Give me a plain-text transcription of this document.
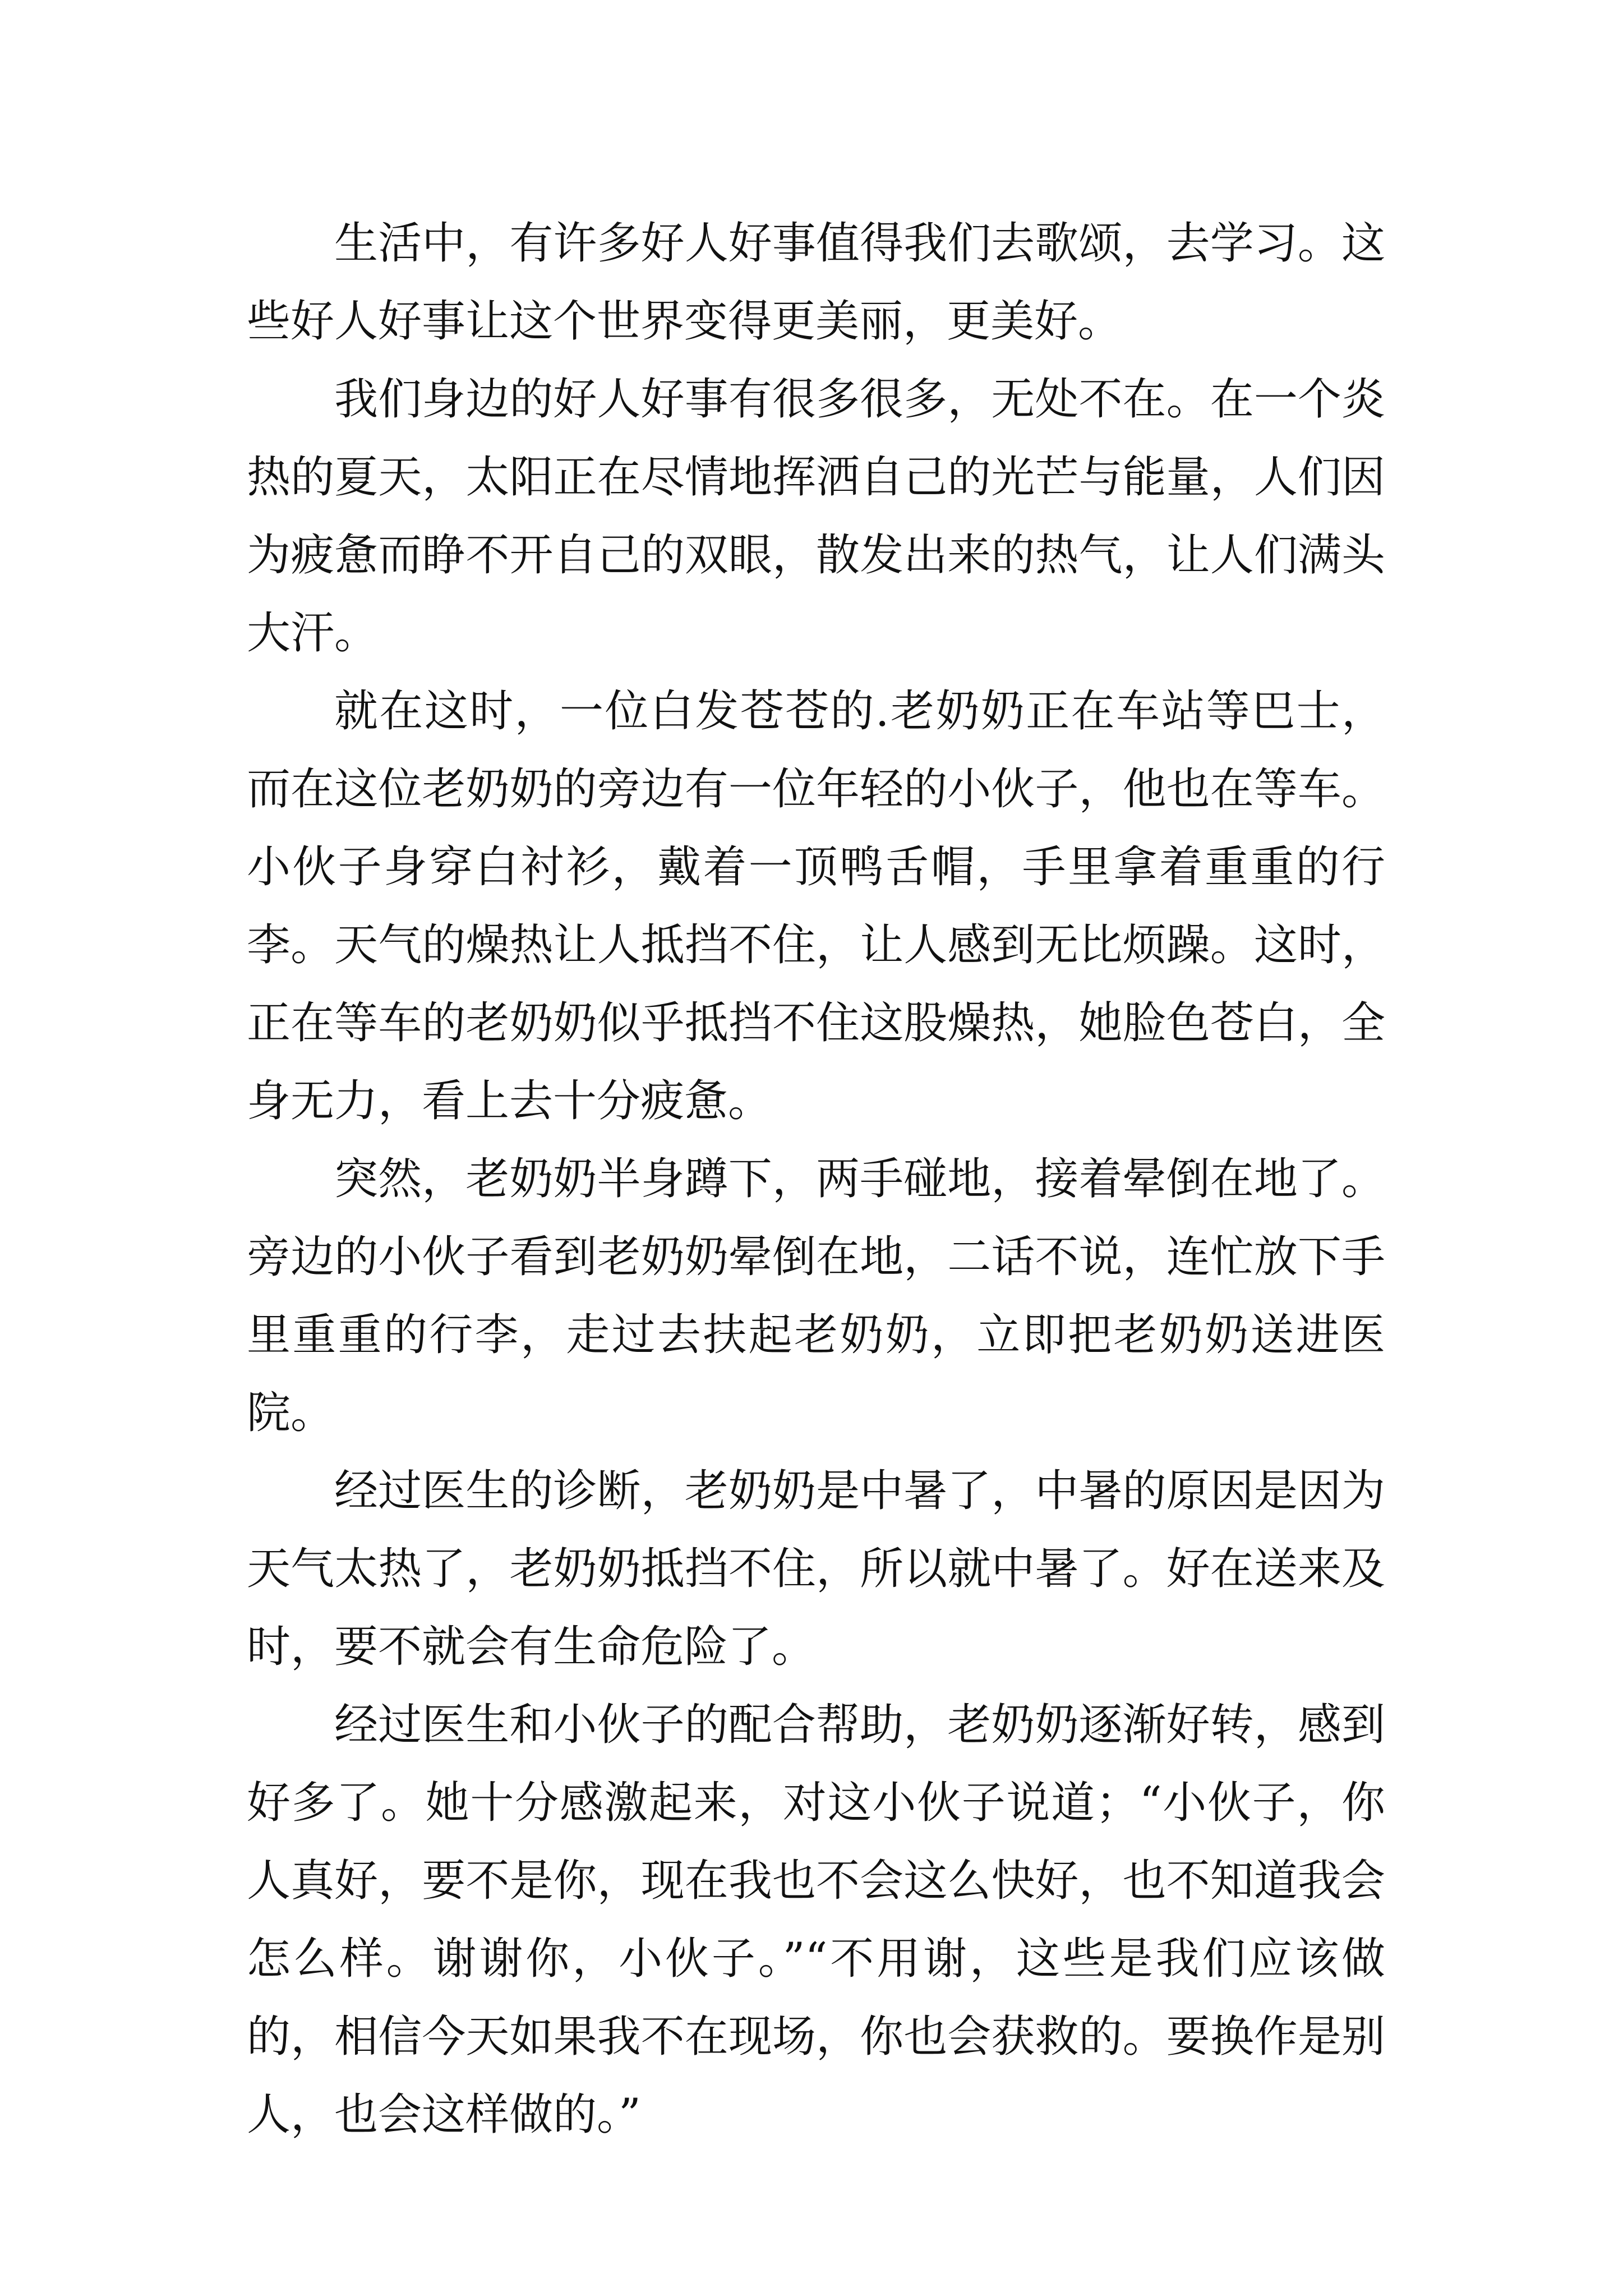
生活中，有许多好人好事值得我们去歌颂，去学习。这些好人好事让这个世界变得更美丽，更美好。

我们身边的好人好事有很多很多，无处不在。在一个炎热的夏天，太阳正在尽情地挥洒自己的光芒与能量，人们因为疲惫而睁不开自己的双眼，散发出来的热气，让人们满头大汗。

就在这时，一位白发苍苍的.老奶奶正在车站等巴士，而在这位老奶奶的旁边有一位年轻的小伙子，他也在等车。小伙子身穿白衬衫，戴着一顶鸭舌帽，手里拿着重重的行李。天气的燥热让人抵挡不住，让人感到无比烦躁。这时，正在等车的老奶奶似乎抵挡不住这股燥热，她脸色苍白，全身无力，看上去十分疲惫。

突然，老奶奶半身蹲下，两手碰地，接着晕倒在地了。旁边的小伙子看到老奶奶晕倒在地，二话不说，连忙放下手里重重的行李，走过去扶起老奶奶，立即把老奶奶送进医院。

经过医生的诊断，老奶奶是中暑了，中暑的原因是因为天气太热了，老奶奶抵挡不住，所以就中暑了。好在送来及时，要不就会有生命危险了。

经过医生和小伙子的配合帮助，老奶奶逐渐好转，感到好多了。她十分感激起来，对这小伙子说道；“小伙子，你人真好，要不是你，现在我也不会这么快好，也不知道我会怎么样。谢谢你，小伙子。”“不用谢，这些是我们应该做的，相信今天如果我不在现场，你也会获救的。要换作是别人，也会这样做的。”
